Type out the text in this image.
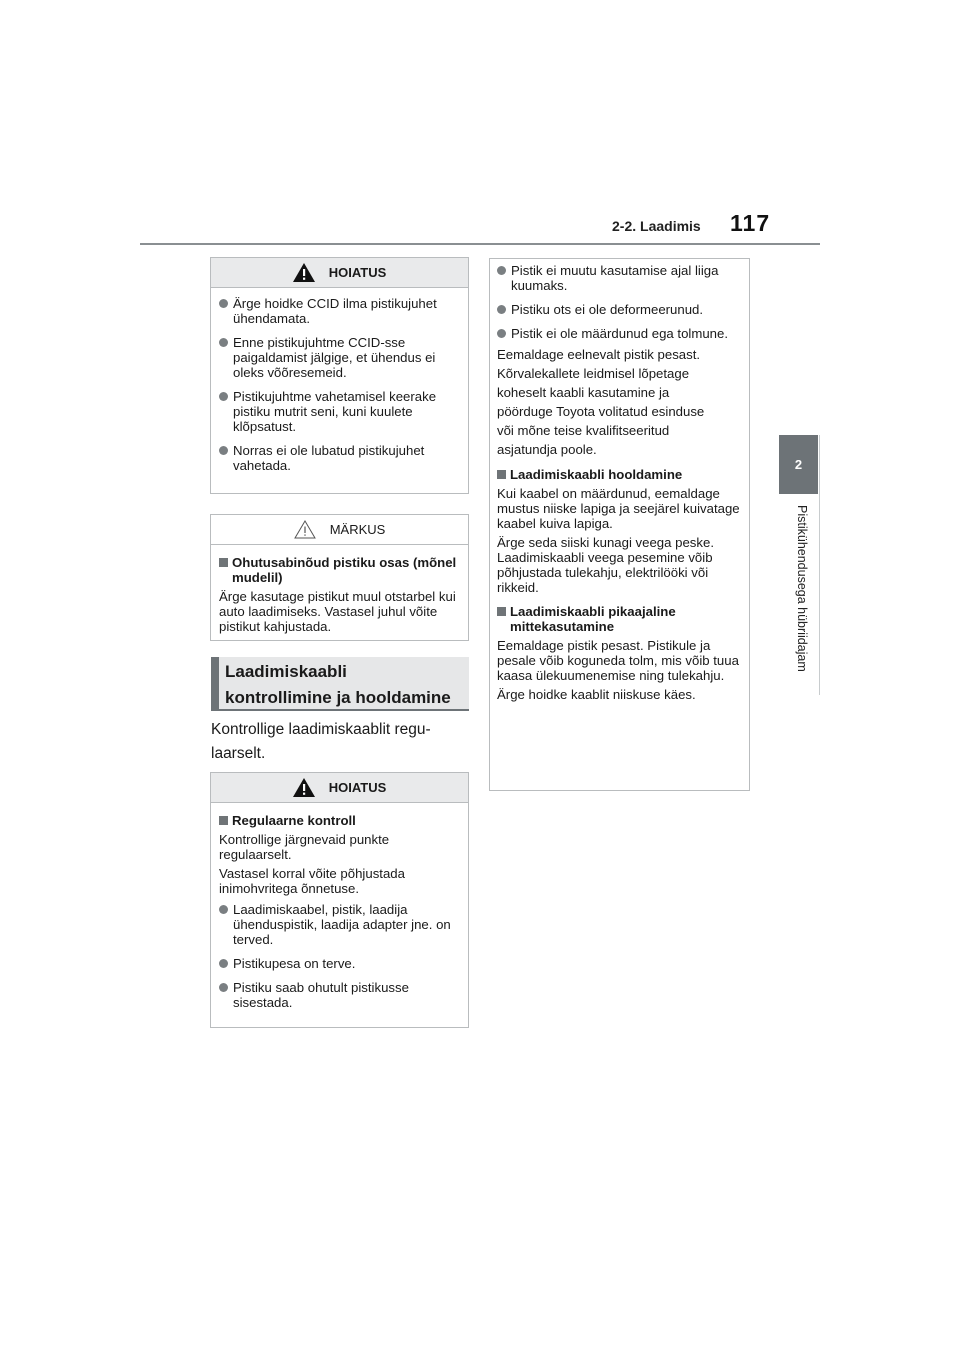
2-2. Laadimis 117
2
Pistikühendusega hübriidajam
HOIATUS
Ärge hoidke CCID ilma pistikujuhet ühendamata.
Enne pistikujuhtme CCID-sse paigaldamist jälgige, et ühendus ei oleks võõresemeid.
Pistikujuhtme vahetamisel keerake pistiku mutrit seni, kuni kuulete klõpsatust.
Norras ei ole lubatud pistikujuhet vahetada.
MÄRKUS
Ohutusabinõud pistiku osas (mõnel mudelil)
Ärge kasutage pistikut muul otstarbel kui auto laadimiseks. Vastasel juhul võite pistikut kahjustada.
Laadimiskaabli
kontrollimine ja hooldamine
Kontrollige laadimiskaablit regu- laarselt.
HOIATUS
Regulaarne kontroll
Kontrollige järgnevaid punkte regulaarselt.
Vastasel korral võite põhjustada inimohvritega õnnetuse.
Laadimiskaabel, pistik, laadija ühenduspistik, laadija adapter jne. on terved.
Pistikupesa on terve.
Pistiku saab ohutult pistikusse sisestada.
Pistik ei muutu kasutamise ajal liiga kuumaks.
Pistiku ots ei ole deformeerunud.
Pistik ei ole määrdunud ega tolmune.
Eemaldage eelnevalt pistik pesast.
Kõrvalekallete leidmisel lõpetage
koheselt kaabli kasutamine ja
pöörduge Toyota volitatud esinduse
või mõne teise kvalifitseeritud
asjatundja poole.
Laadimiskaabli hooldamine
Kui kaabel on määrdunud, eemaldage mustus niiske lapiga ja seejärel kuivatage kaabel kuiva lapiga.
Ärge seda siiski kunagi veega peske. Laadimiskaabli veega pesemine võib põhjustada tulekahju, elektrilööki või rikkeid.
Laadimiskaabli pikaajaline mittekasutamine
Eemaldage pistik pesast. Pistikule ja pesale võib koguneda tolm, mis võib tuua kaasa ülekuumenemise ning tulekahju.
Ärge hoidke kaablit niiskuse käes.
